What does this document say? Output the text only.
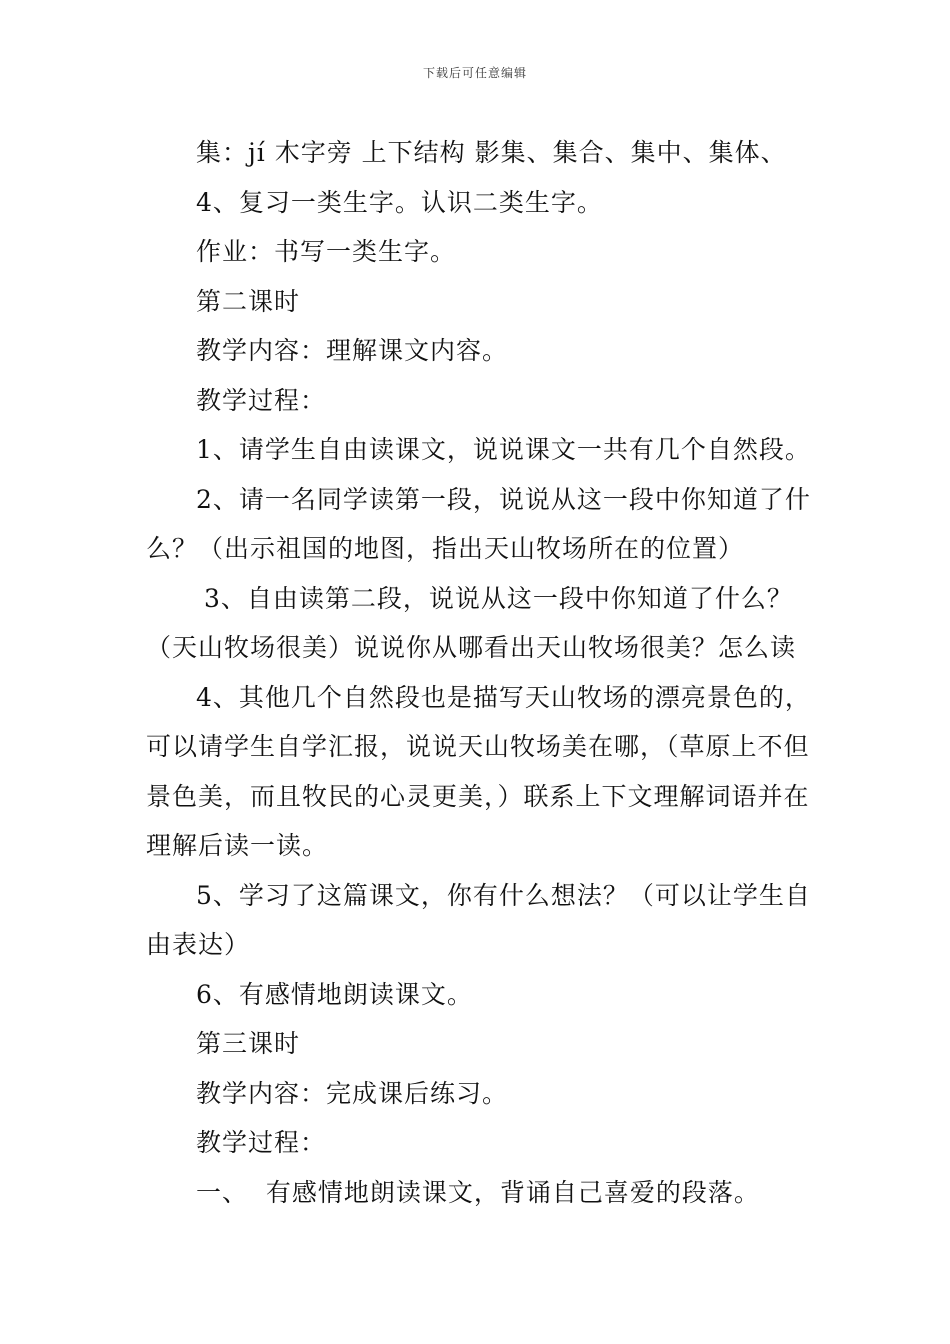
下载后可任意编辑

集：jí 木字旁 上下结构 影集、集合、集中、集体、

4、复习一类生字。认识二类生字。

作业：书写一类生字。

第二课时

教学内容：理解课文内容。

教学过程：

1、请学生自由读课文，说说课文一共有几个自然段。

2、请一名同学读第一段，说说从这一段中你知道了什么？（出示祖国的地图，指出天山牧场所在的位置）

3、自由读第二段，说说从这一段中你知道了什么？（天山牧场很美）说说你从哪看出天山牧场很美？怎么读

4、其他几个自然段也是描写天山牧场的漂亮景色的，可以请学生自学汇报，说说天山牧场美在哪，（草原上不但景色美，而且牧民的心灵更美，）联系上下文理解词语并在理解后读一读。

5、学习了这篇课文，你有什么想法？（可以让学生自由表达）

6、有感情地朗读课文。

第三课时

教学内容：完成课后练习。

教学过程：

一、  有感情地朗读课文，背诵自己喜爱的段落。
